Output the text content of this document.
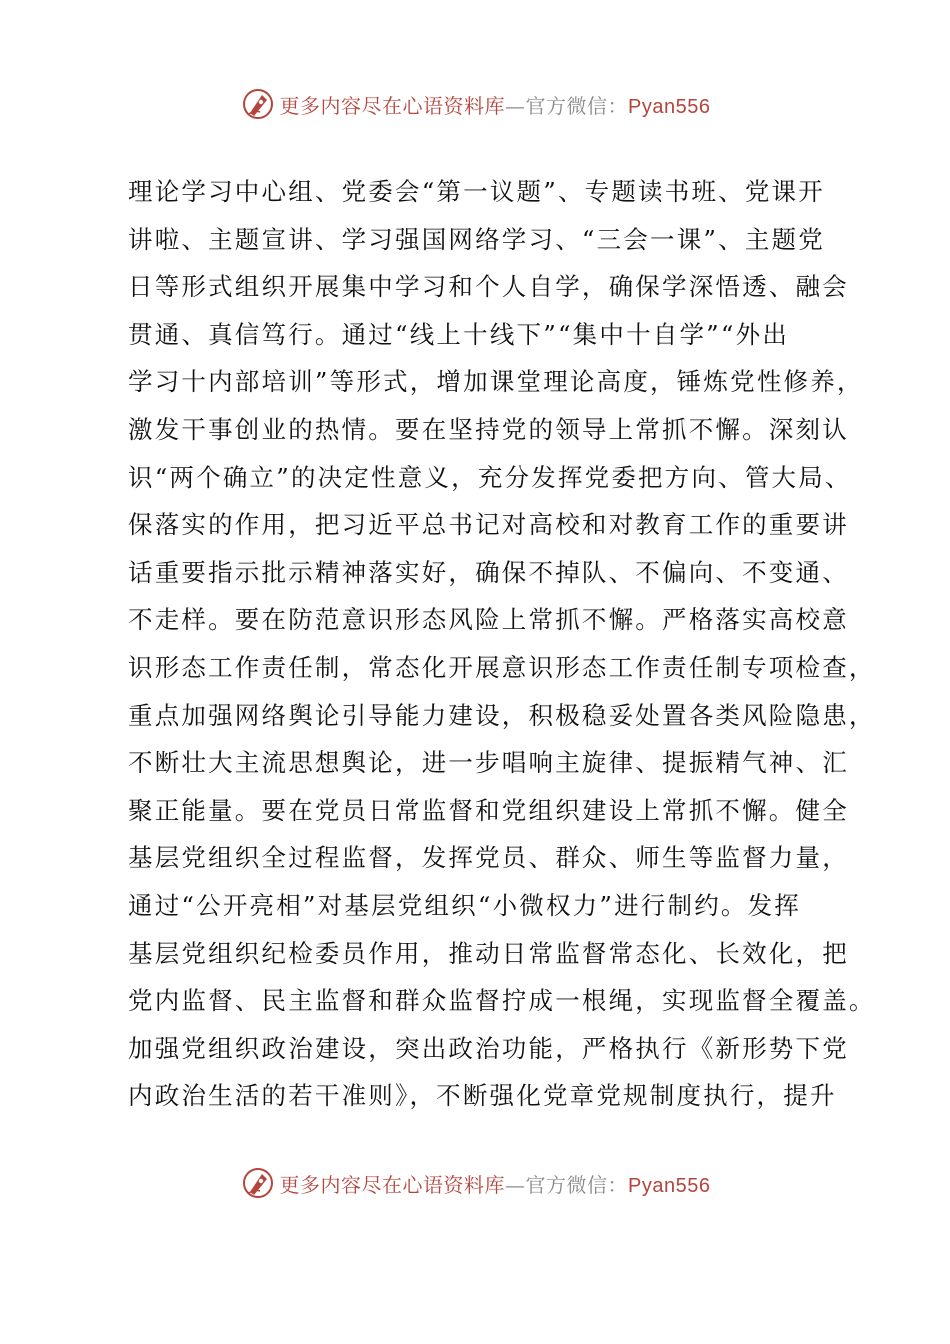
更多内容尽在心语资料库—官方微信：Pyan556
理论学习中心组、党委会“第一议题”、专题读书班、党课开
讲啦、主题宣讲、学习强国网络学习、“三会一课”、主题党
日等形式组织开展集中学习和个人自学，确保学深悟透、融会
贯通、真信笃行。通过“线上十线下”“集中十自学”“外出
学习十内部培训”等形式，增加课堂理论高度，锤炼党性修养，
激发干事创业的热情。要在坚持党的领导上常抓不懈。深刻认
识“两个确立”的决定性意义，充分发挥党委把方向、管大局、
保落实的作用，把习近平总书记对高校和对教育工作的重要讲
话重要指示批示精神落实好，确保不掉队、不偏向、不变通、
不走样。要在防范意识形态风险上常抓不懈。严格落实高校意
识形态工作责任制，常态化开展意识形态工作责任制专项检查，
重点加强网络舆论引导能力建设，积极稳妥处置各类风险隐患，
不断壮大主流思想舆论，进一步唱响主旋律、提振精气神、汇
聚正能量。要在党员日常监督和党组织建设上常抓不懈。健全
基层党组织全过程监督，发挥党员、群众、师生等监督力量，
通过“公开亮相”对基层党组织“小微权力”进行制约。发挥
基层党组织纪检委员作用，推动日常监督常态化、长效化，把
党内监督、民主监督和群众监督拧成一根绳，实现监督全覆盖。
加强党组织政治建设，突出政治功能，严格执行《新形势下党
内政治生活的若干准则》，不断强化党章党规制度执行，提升
更多内容尽在心语资料库—官方微信：Pyan556
